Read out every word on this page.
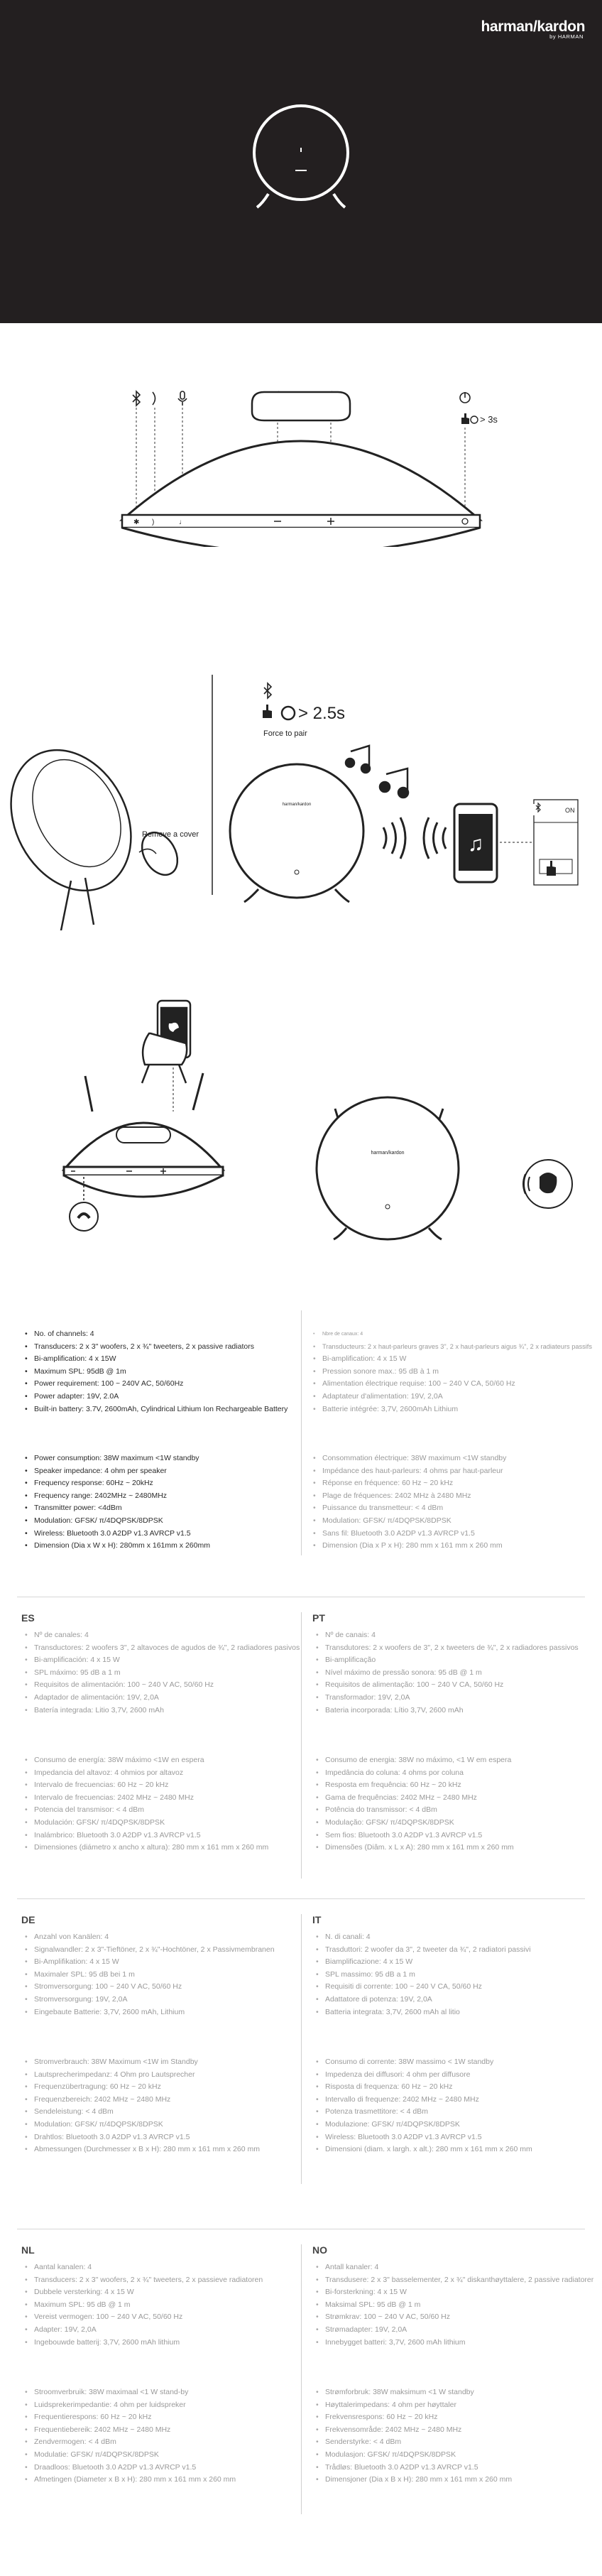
harman/kardon
by HARMAN
> 3s
✱ )	♩
Remove a cover
> 2.5s
Force to pair
harman/kardon
♫
ON
harman/kardon
• No. of channels: 4
• Transducers: 2 x 3" woofers, 2 x ¾" tweeters, 2 x passive radiators
• Bi-amplification: 4 x 15W
• Maximum SPL: 95dB @ 1m
• Power requirement: 100 ~ 240V AC, 50/60Hz
• Power adapter: 19V, 2.0A
• Built-in battery: 3.7V, 2600mAh, Cylindrical Lithium Ion Rechargeable Battery
• Power consumption: 38W maximum <1W standby
• Speaker impedance: 4 ohm per speaker
• Frequency response: 60Hz ~ 20kHz
• Frequency range: 2402MHz ~ 2480MHz
• Transmitter power: <4dBm
• Modulation: GFSK/ π/4DQPSK/8DPSK
• Wireless: Bluetooth 3.0 A2DP v1.3 AVRCP v1.5
• Dimension (Dia x W x H): 280mm x 161mm x 260mm
• Nbre de canaux: 4
• Transducteurs: 2 x haut-parleurs graves 3", 2 x haut-parleurs aigus ¾", 2 x radiateurs passifs
• Bi-amplification: 4 x 15 W
• Pression sonore max.: 95 dB à 1 m
• Alimentation électrique requise: 100 ~ 240 V CA, 50/60 Hz
• Adaptateur d'alimentation: 19V, 2,0A
• Batterie intégrée: 3,7V, 2600mAh Lithium
• Consommation électrique: 38W maximum <1W standby
• Impédance des haut-parleurs: 4 ohms par haut-parleur
• Réponse en fréquence: 60 Hz ~ 20 kHz
• Plage de fréquences: 2402 MHz à 2480 MHz
• Puissance du transmetteur: < 4 dBm
• Modulation: GFSK/ π/4DQPSK/8DPSK
• Sans fil: Bluetooth 3.0 A2DP v1.3 AVRCP v1.5
• Dimension (Dia x P x H): 280 mm x 161 mm x 260 mm
ES
• Nº de canales: 4
• Transductores: 2 woofers 3", 2 altavoces de agudos de ¾", 2 radiadores pasivos
• Bi-amplificación: 4 x 15 W
• SPL máximo: 95 dB a 1 m
• Requisitos de alimentación: 100 ~ 240 V AC, 50/60 Hz
• Adaptador de alimentación: 19V, 2,0A
• Batería integrada: Litio 3,7V, 2600 mAh
• Consumo de energía: 38W máximo <1W en espera
• Impedancia del altavoz: 4 ohmios por altavoz
• Intervalo de frecuencias: 60 Hz ~ 20 kHz
• Intervalo de frecuencias: 2402 MHz ~ 2480 MHz
• Potencia del transmisor: < 4 dBm
• Modulación: GFSK/ π/4DQPSK/8DPSK
• Inalámbrico: Bluetooth 3.0 A2DP v1.3 AVRCP v1.5
• Dimensiones (diámetro x ancho x altura): 280 mm x 161 mm x 260 mm
PT
• Nº de canais: 4
• Transdutores: 2 x woofers de 3", 2 x tweeters de ¾", 2 x radiadores passivos
• Bi-amplificação
• Nível máximo de pressão sonora: 95 dB @ 1 m
• Requisitos de alimentação: 100 ~ 240 V CA, 50/60 Hz
• Transformador: 19V, 2,0A
• Bateria incorporada: Lítio 3,7V, 2600 mAh
• Consumo de energia: 38W no máximo, <1 W em espera
• Impedância do coluna: 4 ohms por coluna
• Resposta em frequência: 60 Hz ~ 20 kHz
• Gama de frequências: 2402 MHz ~ 2480 MHz
• Potência do transmissor: < 4 dBm
• Modulação: GFSK/ π/4DQPSK/8DPSK
• Sem fios: Bluetooth 3.0 A2DP v1.3 AVRCP v1.5
• Dimensões (Diâm. x L x A): 280 mm x 161 mm x 260 mm
DE
• Anzahl von Kanälen: 4
• Signalwandler: 2 x 3"-Tieftöner, 2 x ¾"-Hochtöner, 2 x Passivmembranen
• Bi-Amplifikation: 4 x 15 W
• Maximaler SPL: 95 dB bei 1 m
• Stromversorgung: 100 ~ 240 V AC, 50/60 Hz
• Stromversorgung: 19V, 2,0A
• Eingebaute Batterie: 3,7V, 2600 mAh, Lithium
• Stromverbrauch: 38W Maximum <1W im Standby
• Lautsprecherimpedanz: 4 Ohm pro Lautsprecher
• Frequenzübertragung: 60 Hz ~ 20 kHz
• Frequenzbereich: 2402 MHz ~ 2480 MHz
• Sendeleistung: < 4 dBm
• Modulation: GFSK/ π/4DQPSK/8DPSK
• Drahtlos: Bluetooth 3.0 A2DP v1.3 AVRCP v1.5
• Abmessungen (Durchmesser x B x H): 280 mm x 161 mm x 260 mm
IT
• N. di canali: 4
• Trasduttori: 2 woofer da 3", 2 tweeter da ¾", 2 radiatori passivi
• Biamplificazione: 4 x 15 W
• SPL massimo: 95 dB a 1 m
• Requisiti di corrente: 100 ~ 240 V CA, 50/60 Hz
• Adattatore di potenza: 19V, 2,0A
• Batteria integrata: 3,7V, 2600 mAh al litio
• Consumo di corrente: 38W massimo < 1W standby
• Impedenza dei diffusori: 4 ohm per diffusore
• Risposta di frequenza: 60 Hz ~ 20 kHz
• Intervallo di frequenze: 2402 MHz ~ 2480 MHz
• Potenza trasmettitore: < 4 dBm
• Modulazione: GFSK/ π/4DQPSK/8DPSK
• Wireless: Bluetooth 3.0 A2DP v1.3 AVRCP v1.5
• Dimensioni (diam. x largh. x alt.): 280 mm x 161 mm x 260 mm
NL
• Aantal kanalen: 4
• Transducers: 2 x 3" woofers, 2 x ¾" tweeters, 2 x passieve radiatoren
• Dubbele versterking: 4 x 15 W
• Maximum SPL: 95 dB @ 1 m
• Vereist vermogen: 100 ~ 240 V AC, 50/60 Hz
• Adapter: 19V, 2,0A
• Ingebouwde batterij: 3,7V, 2600 mAh lithium
• Stroomverbruik: 38W maximaal <1 W stand-by
• Luidsprekerimpedantie: 4 ohm per luidspreker
• Frequentierespons: 60 Hz ~ 20 kHz
• Frequentiebereik: 2402 MHz ~ 2480 MHz
• Zendvermogen: < 4 dBm
• Modulatie: GFSK/ π/4DQPSK/8DPSK
• Draadloos: Bluetooth 3.0 A2DP v1.3 AVRCP v1.5
• Afmetingen (Diameter x B x H): 280 mm x 161 mm x 260 mm
NO
• Antall kanaler: 4
• Transdusere: 2 x 3" basselementer, 2 x ¾" diskanthøyttalere, 2 passive radiatorer
• Bi-forsterkning: 4 x 15 W
• Maksimal SPL: 95 dB @ 1 m
• Strømkrav: 100 ~ 240 V AC, 50/60 Hz
• Strømadapter: 19V, 2,0A
• Innebygget batteri: 3,7V, 2600 mAh lithium
• Strømforbruk: 38W maksimum <1 W standby
• Høyttalerimpedans: 4 ohm per høyttaler
• Frekvensrespons: 60 Hz ~ 20 kHz
• Frekvensområde: 2402 MHz ~ 2480 MHz
• Senderstyrke: < 4 dBm
• Modulasjon: GFSK/ π/4DQPSK/8DPSK
• Trådløs: Bluetooth 3.0 A2DP v1.3 AVRCP v1.5
• Dimensjoner (Dia x B x H): 280 mm x 161 mm x 260 mm
